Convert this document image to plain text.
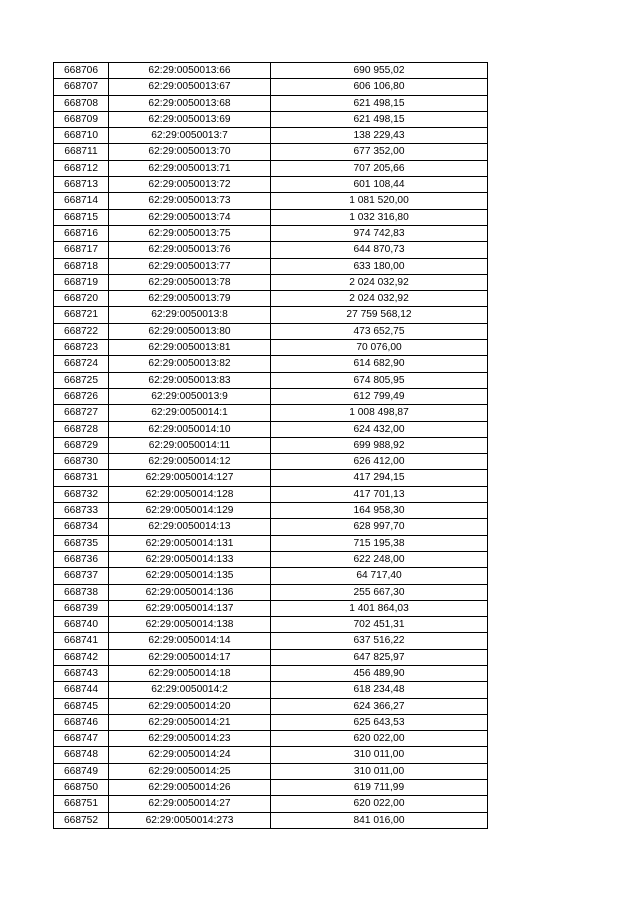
668706	62:29:0050013:66	690 955,02
668707	62:29:0050013:67	606 106,80
668708	62:29:0050013:68	621 498,15
668709	62:29:0050013:69	621 498,15
668710	62:29:0050013:7	138 229,43
668711	62:29:0050013:70	677 352,00
668712	62:29:0050013:71	707 205,66
668713	62:29:0050013:72	601 108,44
668714	62:29:0050013:73	1 081 520,00
668715	62:29:0050013:74	1 032 316,80
668716	62:29:0050013:75	974 742,83
668717	62:29:0050013:76	644 870,73
668718	62:29:0050013:77	633 180,00
668719	62:29:0050013:78	2 024 032,92
668720	62:29:0050013:79	2 024 032,92
668721	62:29:0050013:8	27 759 568,12
668722	62:29:0050013:80	473 652,75
668723	62:29:0050013:81	70 076,00
668724	62:29:0050013:82	614 682,90
668725	62:29:0050013:83	674 805,95
668726	62:29:0050013:9	612 799,49
668727	62:29:0050014:1	1 008 498,87
668728	62:29:0050014:10	624 432,00
668729	62:29:0050014:11	699 988,92
668730	62:29:0050014:12	626 412,00
668731	62:29:0050014:127	417 294,15
668732	62:29:0050014:128	417 701,13
668733	62:29:0050014:129	164 958,30
668734	62:29:0050014:13	628 997,70
668735	62:29:0050014:131	715 195,38
668736	62:29:0050014:133	622 248,00
668737	62:29:0050014:135	64 717,40
668738	62:29:0050014:136	255 667,30
668739	62:29:0050014:137	1 401 864,03
668740	62:29:0050014:138	702 451,31
668741	62:29:0050014:14	637 516,22
668742	62:29:0050014:17	647 825,97
668743	62:29:0050014:18	456 489,90
668744	62:29:0050014:2	618 234,48
668745	62:29:0050014:20	624 366,27
668746	62:29:0050014:21	625 643,53
668747	62:29:0050014:23	620 022,00
668748	62:29:0050014:24	310 011,00
668749	62:29:0050014:25	310 011,00
668750	62:29:0050014:26	619 711,99
668751	62:29:0050014:27	620 022,00
668752	62:29:0050014:273	841 016,00
